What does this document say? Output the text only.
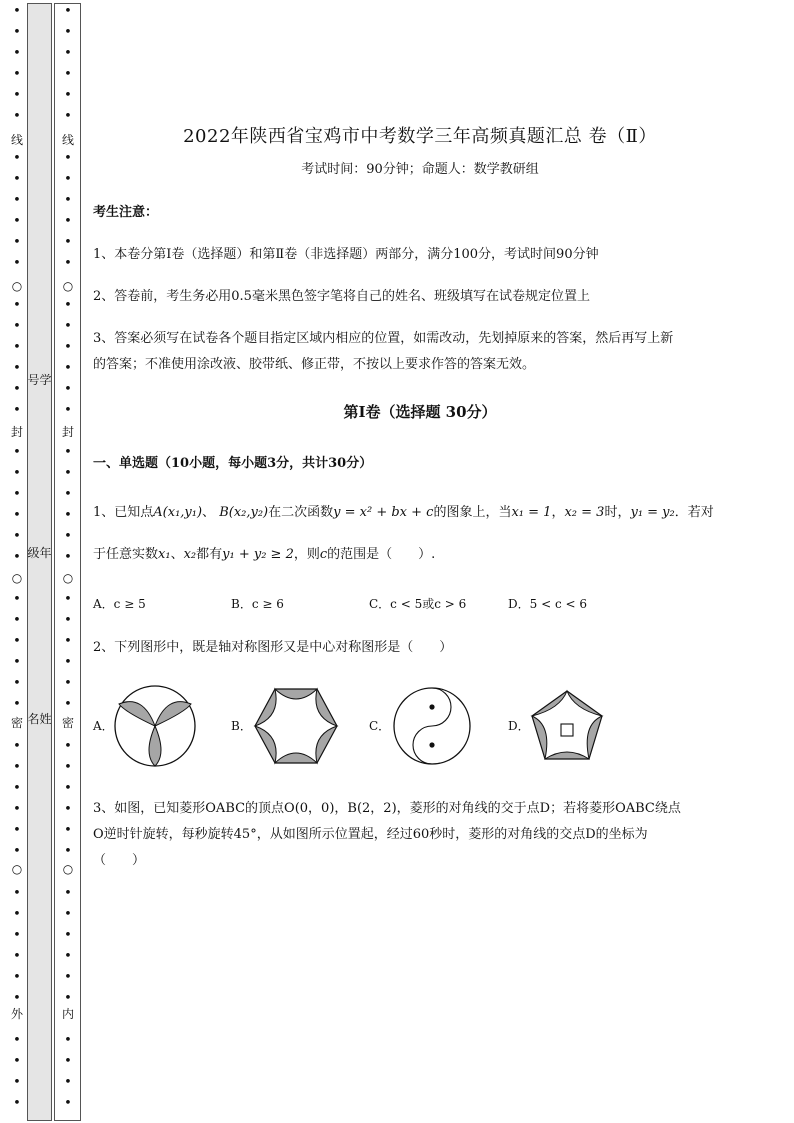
号学
级年
名姓
•
•
•
•
•
•
•
•
•
•
•
•
•
•
•
•
•
•
•
•
•
•
•
•
•
•
•
•
•
•
•
•
•
•
•
•
•
•
•
•
•
•
•
•
•
•
线
封
密
外
○
○
○
•
•
•
•
•
•
•
•
•
•
•
•
•
•
•
•
•
•
•
•
•
•
•
•
•
•
•
•
•
•
•
•
•
•
•
•
•
•
•
•
•
•
•
•
•
•
线
封
密
内
○
○
○
2022年陕西省宝鸡市中考数学三年高频真题汇总 卷（Ⅱ）
考试时间：90分钟；命题人：数学教研组
考生注意：
1、本卷分第Ⅰ卷（选择题）和第Ⅱ卷（非选择题）两部分，满分100分，考试时间90分钟
2、答卷前，考生务必用0.5毫米黑色签字笔将自己的姓名、班级填写在试卷规定位置上
3、答案必须写在试卷各个题目指定区域内相应的位置，如需改动，先划掉原来的答案，然后再写上新
的答案；不准使用涂改液、胶带纸、修正带，不按以上要求作答的答案无效。
第Ⅰ卷（选择题 30分）
一、单选题（10小题，每小题3分，共计30分）
1、已知点A(x₁,y₁)、 B(x₂,y₂)在二次函数y = x² + bx + c的图象上，当x₁ = 1，x₂ = 3时，y₁ = y₂．若对
于任意实数x₁、x₂都有y₁ + y₂ ≥ 2，则c的范围是（　　）.
A．c ≥ 5	B．c ≥ 6	C．c < 5或c > 6	D．5 < c < 6
2、下列图形中，既是轴对称图形又是中心对称图形是（　　）
A．	B．	C．	D．
3、如图，已知菱形OABC的顶点O(0，0)，B(2，2)，菱形的对角线的交于点D；若将菱形OABC绕点
O逆时针旋转，每秒旋转45°，从如图所示位置起，经过60秒时，菱形的对角线的交点D的坐标为
（　　）
